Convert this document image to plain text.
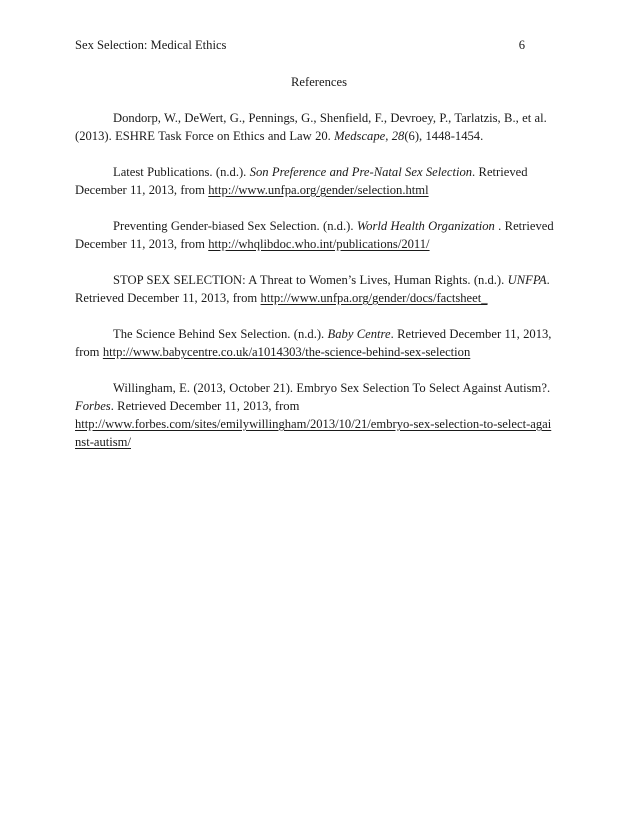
Sex Selection: Medical Ethics	6
References

Dondorp, W., DeWert, G., Pennings, G., Shenfield, F., Devroey, P., Tarlatzis, B., et al. (2013). ESHRE Task Force on Ethics and Law 20. Medscape, 28(6), 1448-1454.

Latest Publications. (n.d.). Son Preference and Pre-Natal Sex Selection. Retrieved December 11, 2013, from http://www.unfpa.org/gender/selection.html

Preventing Gender-biased Sex Selection. (n.d.). World Health Organization . Retrieved December 11, 2013, from http://whqlibdoc.who.int/publications/2011/

STOP SEX SELECTION: A Threat to Women’s Lives, Human Rights. (n.d.). UNFPA. Retrieved December 11, 2013, from http://www.unfpa.org/gender/docs/factsheet_

The Science Behind Sex Selection. (n.d.). Baby Centre. Retrieved December 11, 2013, from http://www.babycentre.co.uk/a1014303/the-science-behind-sex-selection

Willingham, E. (2013, October 21). Embryo Sex Selection To Select Against Autism?. Forbes. Retrieved December 11, 2013, from
http://www.forbes.com/sites/emilywillingham/2013/10/21/embryo-sex-selection-to-select-against-autism/
